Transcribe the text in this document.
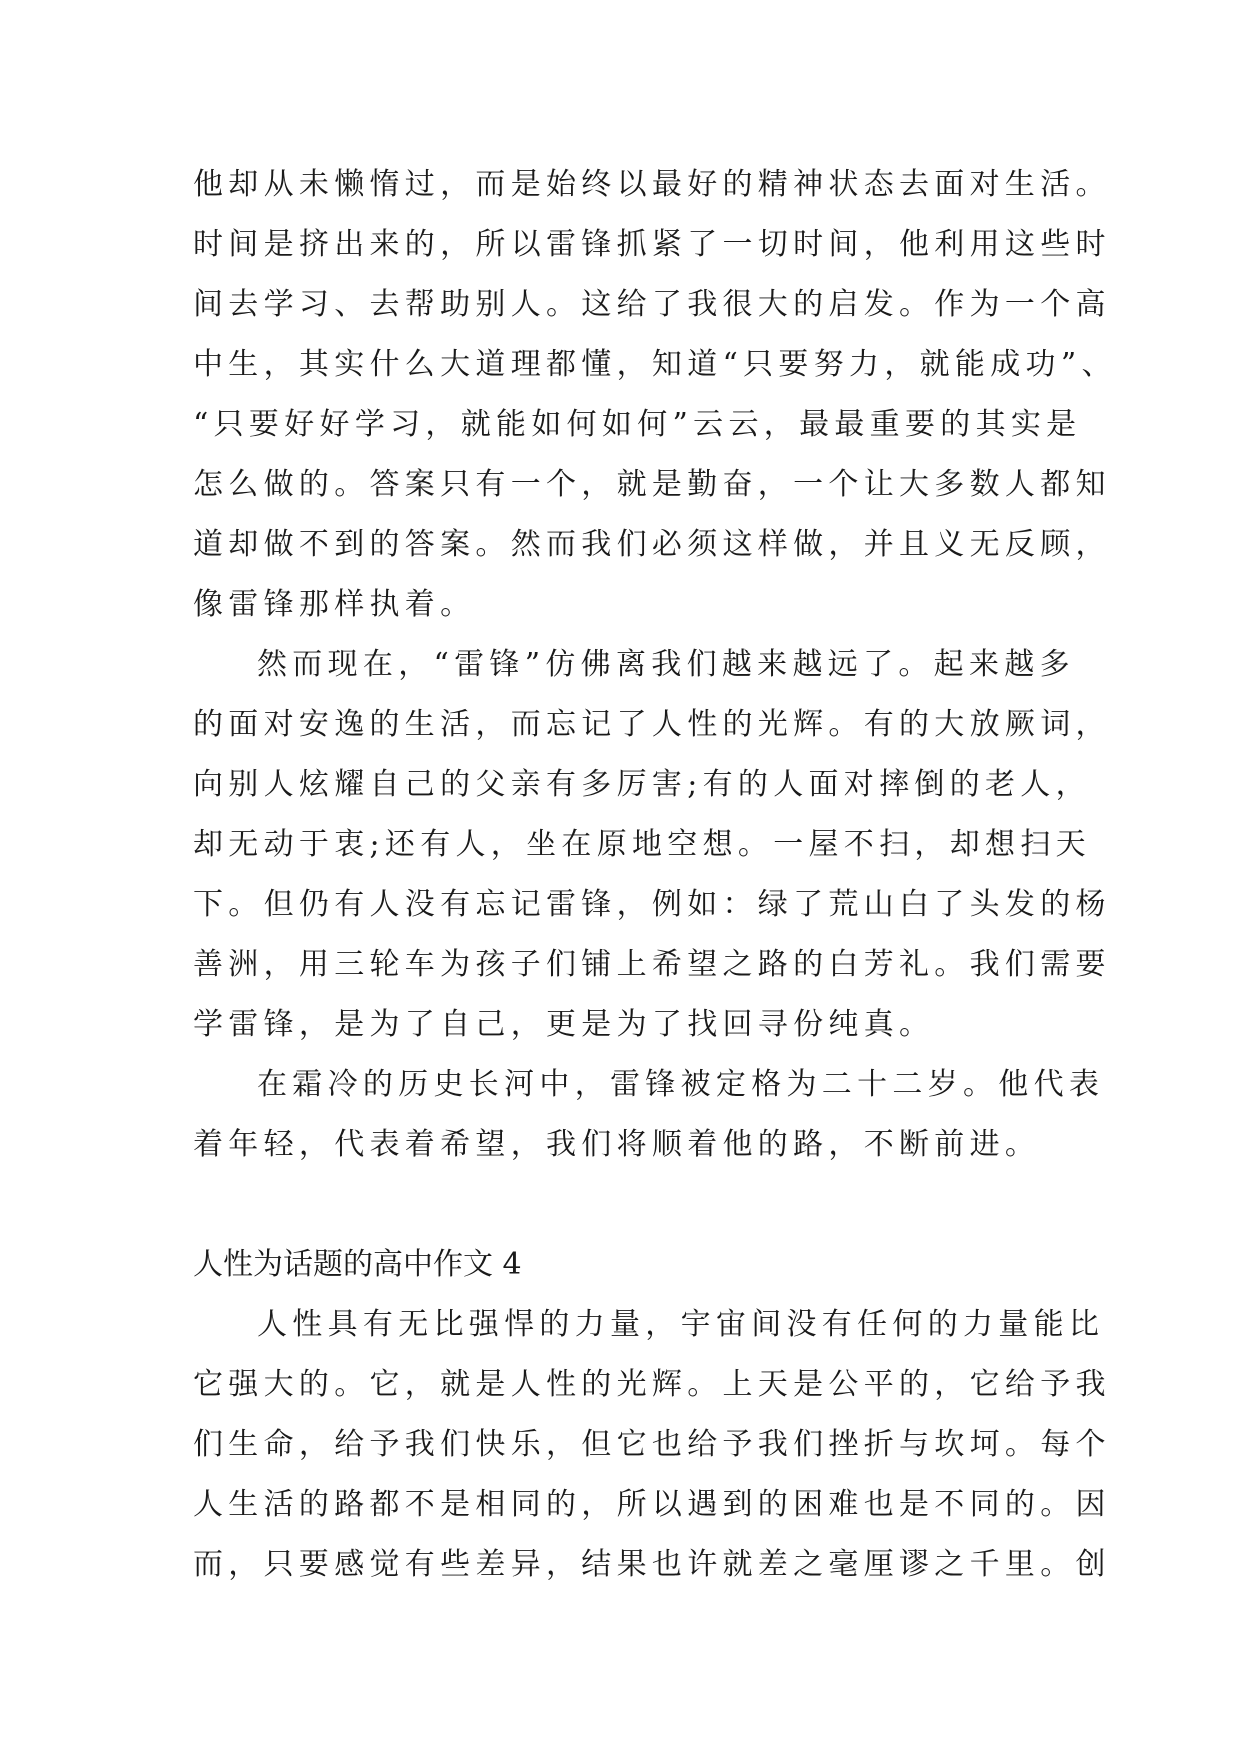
他却从未懒惰过，而是始终以最好的精神状态去面对生活。
时间是挤出来的，所以雷锋抓紧了一切时间，他利用这些时
间去学习、去帮助别人。这给了我很大的启发。作为一个高
中生，其实什么大道理都懂，知道“只要努力，就能成功”、
“只要好好学习，就能如何如何”云云，最最重要的其实是
怎么做的。答案只有一个，就是勤奋，一个让大多数人都知
道却做不到的答案。然而我们必须这样做，并且义无反顾，
像雷锋那样执着。
然而现在，“雷锋”仿佛离我们越来越远了。起来越多
的面对安逸的生活，而忘记了人性的光辉。有的大放厥词，
向别人炫耀自己的父亲有多厉害;有的人面对摔倒的老人，
却无动于衷;还有人，坐在原地空想。一屋不扫，却想扫天
下。但仍有人没有忘记雷锋，例如：绿了荒山白了头发的杨
善洲，用三轮车为孩子们铺上希望之路的白芳礼。我们需要
学雷锋，是为了自己，更是为了找回寻份纯真。
在霜冷的历史长河中，雷锋被定格为二十二岁。他代表
着年轻，代表着希望，我们将顺着他的路，不断前进。
人性为话题的高中作文 4
人性具有无比强悍的力量，宇宙间没有任何的力量能比
它强大的。它，就是人性的光辉。上天是公平的，它给予我
们生命，给予我们快乐，但它也给予我们挫折与坎坷。每个
人生活的路都不是相同的，所以遇到的困难也是不同的。因
而，只要感觉有些差异，结果也许就差之毫厘谬之千里。创
